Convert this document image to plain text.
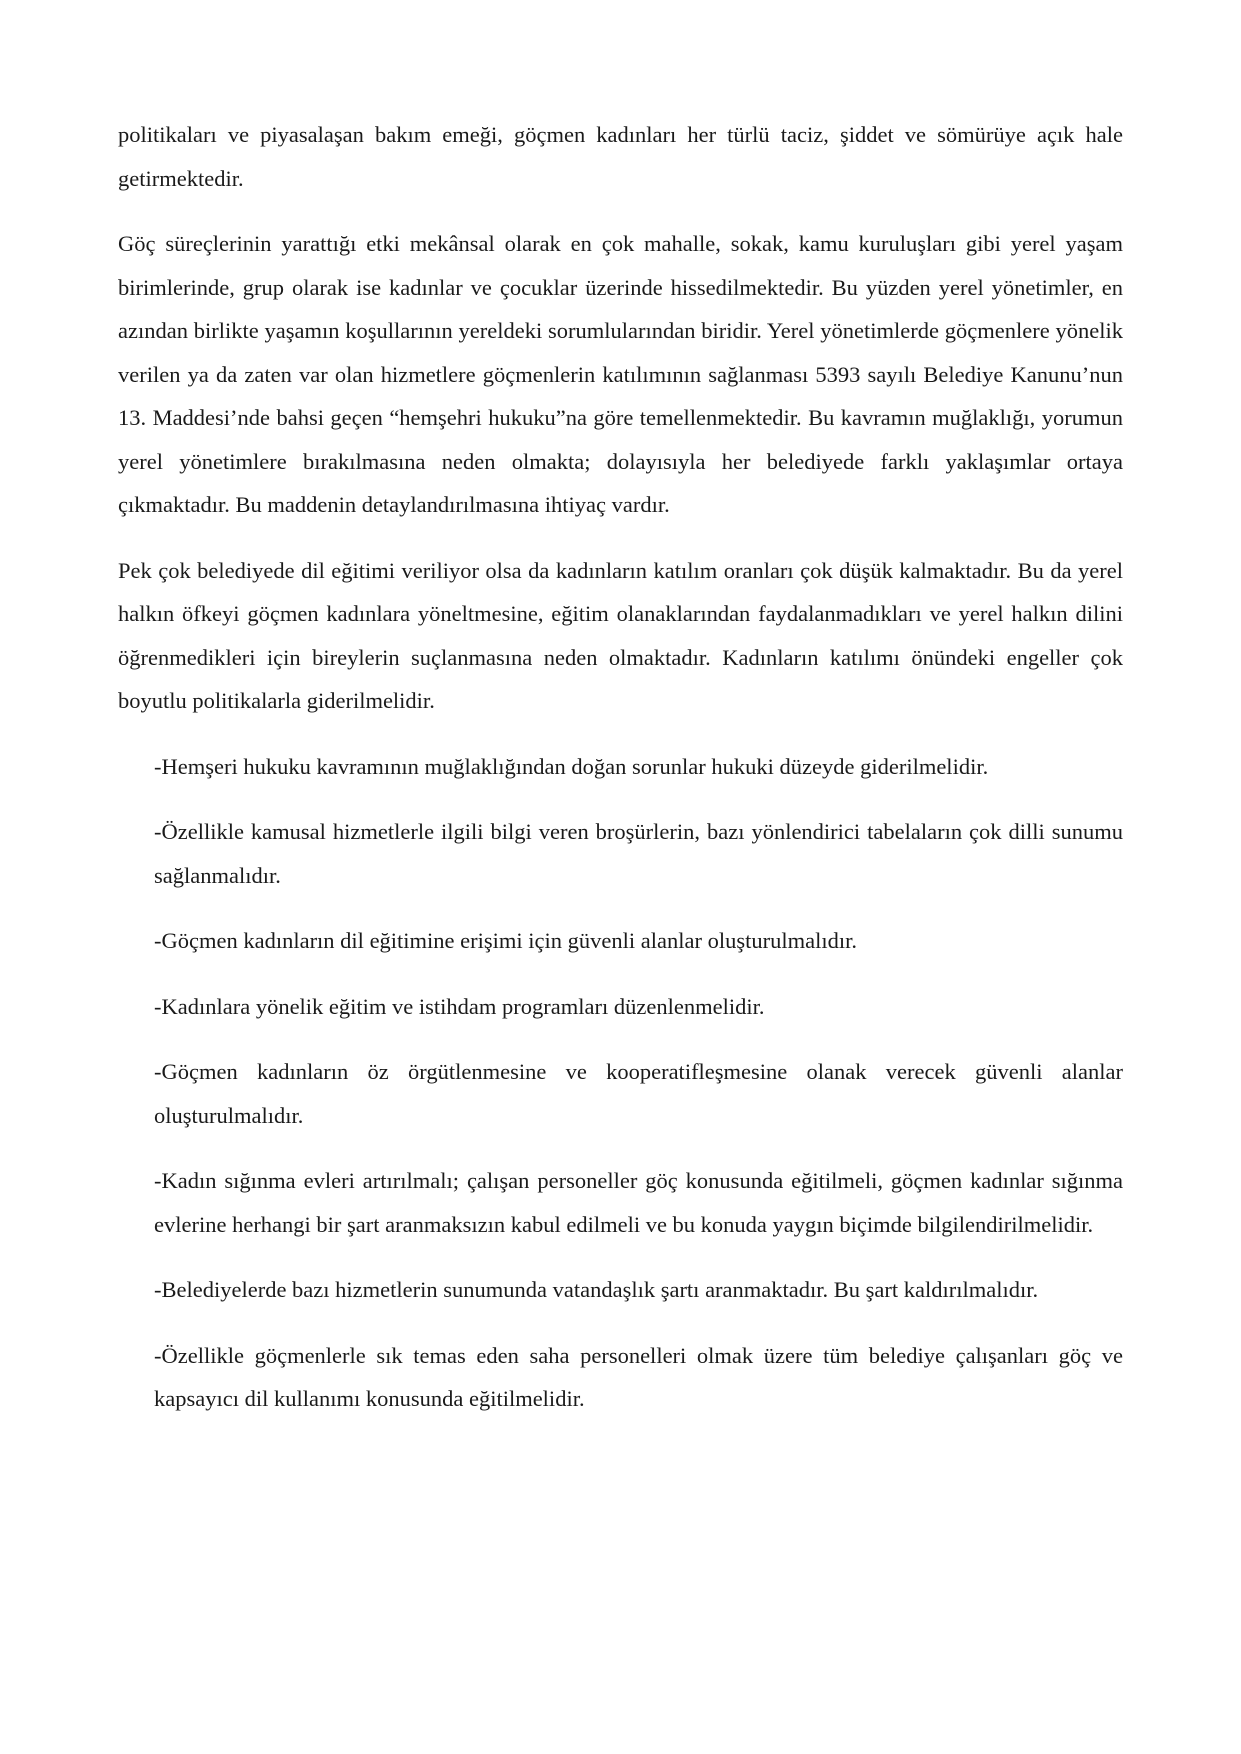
politikaları ve piyasalaşan bakım emeği, göçmen kadınları her türlü taciz, şiddet ve sömürüye açık hale getirmektedir.

Göç süreçlerinin yarattığı etki mekânsal olarak en çok mahalle, sokak, kamu kuruluşları gibi yerel yaşam birimlerinde, grup olarak ise kadınlar ve çocuklar üzerinde hissedilmektedir. Bu yüzden yerel yönetimler, en azından birlikte yaşamın koşullarının yereldeki sorumlularından biridir. Yerel yönetimlerde göçmenlere yönelik verilen ya da zaten var olan hizmetlere göçmenlerin katılımının sağlanması 5393 sayılı Belediye Kanunu’nun 13. Maddesi’nde bahsi geçen “hemşehri hukuku”na göre temellenmektedir. Bu kavramın muğlaklığı, yorumun yerel yönetimlere bırakılmasına neden olmakta; dolayısıyla her belediyede farklı yaklaşımlar ortaya çıkmaktadır. Bu maddenin detaylandırılmasına ihtiyaç vardır.

Pek çok belediyede dil eğitimi veriliyor olsa da kadınların katılım oranları çok düşük kalmaktadır. Bu da yerel halkın öfkeyi göçmen kadınlara yöneltmesine, eğitim olanaklarından faydalanmadıkları ve yerel halkın dilini öğrenmedikleri için bireylerin suçlanmasına neden olmaktadır. Kadınların katılımı önündeki engeller çok boyutlu politikalarla giderilmelidir.

-Hemşeri hukuku kavramının muğlaklığından doğan sorunlar hukuki düzeyde giderilmelidir.
-Özellikle kamusal hizmetlerle ilgili bilgi veren broşürlerin, bazı yönlendirici tabelaların çok dilli sunumu sağlanmalıdır.
-Göçmen kadınların dil eğitimine erişimi için güvenli alanlar oluşturulmalıdır.
-Kadınlara yönelik eğitim ve istihdam programları düzenlenmelidir.
-Göçmen kadınların öz örgütlenmesine ve kooperatifleşmesine olanak verecek güvenli alanlar oluşturulmalıdır.
-Kadın sığınma evleri artırılmalı; çalışan personeller göç konusunda eğitilmeli, göçmen kadınlar sığınma evlerine herhangi bir şart aranmaksızın kabul edilmeli ve bu konuda yaygın biçimde bilgilendirilmelidir.
-Belediyelerde bazı hizmetlerin sunumunda vatandaşlık şartı aranmaktadır. Bu şart kaldırılmalıdır.
-Özellikle göçmenlerle sık temas eden saha personelleri olmak üzere tüm belediye çalışanları göç ve kapsayıcı dil kullanımı konusunda eğitilmelidir.
